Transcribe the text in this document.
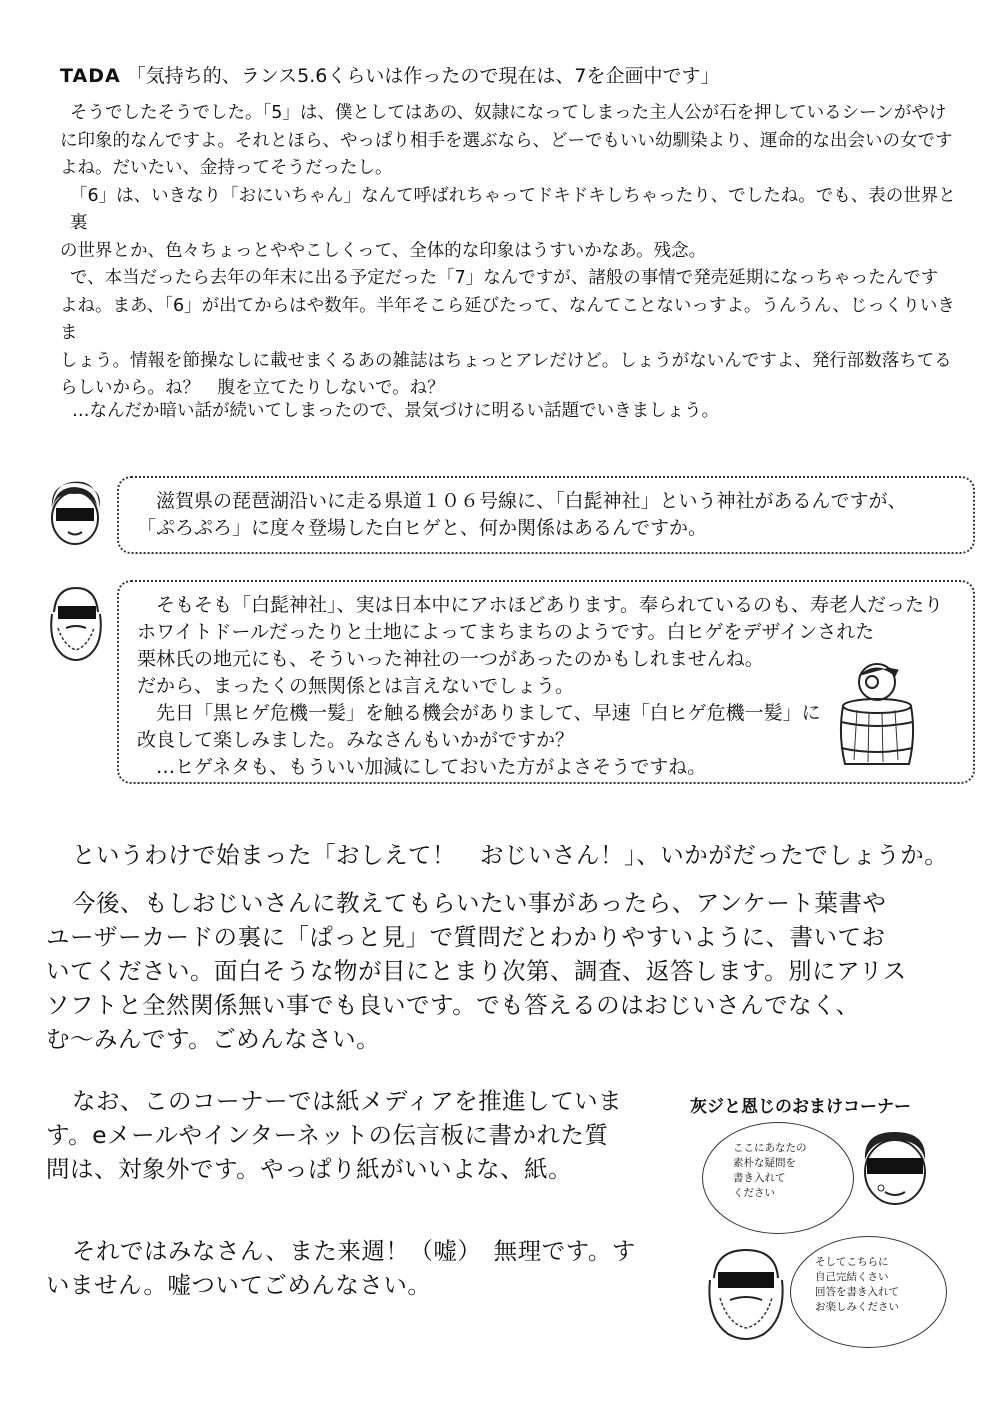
TADA 「気持ち的、ランス5.6くらいは作ったので現在は、7を企画中です」
そうでしたそうでした。「5」は、僕としてはあの、奴隷になってしまった主人公が石を押しているシーンがやけ
に印象的なんですよ。それとほら、やっぱり相手を選ぶなら、どーでもいい幼馴染より、運命的な出会いの女です
よね。だいたい、金持ってそうだったし。
「6」は、いきなり「おにいちゃん」なんて呼ばれちゃってドキドキしちゃったり、でしたね。でも、表の世界と裏
の世界とか、色々ちょっとややこしくって、全体的な印象はうすいかなあ。残念。
で、本当だったら去年の年末に出る予定だった「7」なんですが、諸般の事情で発売延期になっちゃったんです
よね。まあ、「6」が出てからはや数年。半年そこら延びたって、なんてことないっすよ。うんうん、じっくりいきま
しょう。情報を節操なしに載せまくるあの雑誌はちょっとアレだけど。しょうがないんですよ、発行部数落ちてる
らしいから。ね？　腹を立てたりしないで。ね？
…なんだか暗い話が続いてしまったので、景気づけに明るい話題でいきましょう。
滋賀県の琵琶湖沿いに走る県道１０６号線に、「白髭神社」という神社があるんですが、
「ぷろぷろ」に度々登場した白ヒゲと、何か関係はあるんですか。
そもそも「白髭神社」、実は日本中にアホほどあります。奉られているのも、寿老人だったり
ホワイトドールだったりと土地によってまちまちのようです。白ヒゲをデザインされた
栗林氏の地元にも、そういった神社の一つがあったのかもしれませんね。
だから、まったくの無関係とは言えないでしょう。
先日「黒ヒゲ危機一髪」を触る機会がありまして、早速「白ヒゲ危機一髪」に
改良して楽しみました。みなさんもいかがですか？
…ヒゲネタも、もういい加減にしておいた方がよさそうですね。
というわけで始まった「おしえて！　おじいさん！」、いかがだったでしょうか。
今後、もしおじいさんに教えてもらいたい事があったら、アンケート葉書や
ユーザーカードの裏に「ぱっと見」で質問だとわかりやすいように、書いてお
いてください。面白そうな物が目にとまり次第、調査、返答します。別にアリス
ソフトと全然関係無い事でも良いです。でも答えるのはおじいさんでなく、
む～みんです。ごめんなさい。
なお、このコーナーでは紙メディアを推進していま
す。eメールやインターネットの伝言板に書かれた質
問は、対象外です。やっぱり紙がいいよな、紙。
それではみなさん、また来週！（嘘）　無理です。す
いません。嘘ついてごめんなさい。
灰ジと恩じのおまけコーナー
ここにあなたの
素朴な疑問を
書き入れて
ください
そしてこちらに
自己完結くさい
回答を書き入れて
お楽しみください
